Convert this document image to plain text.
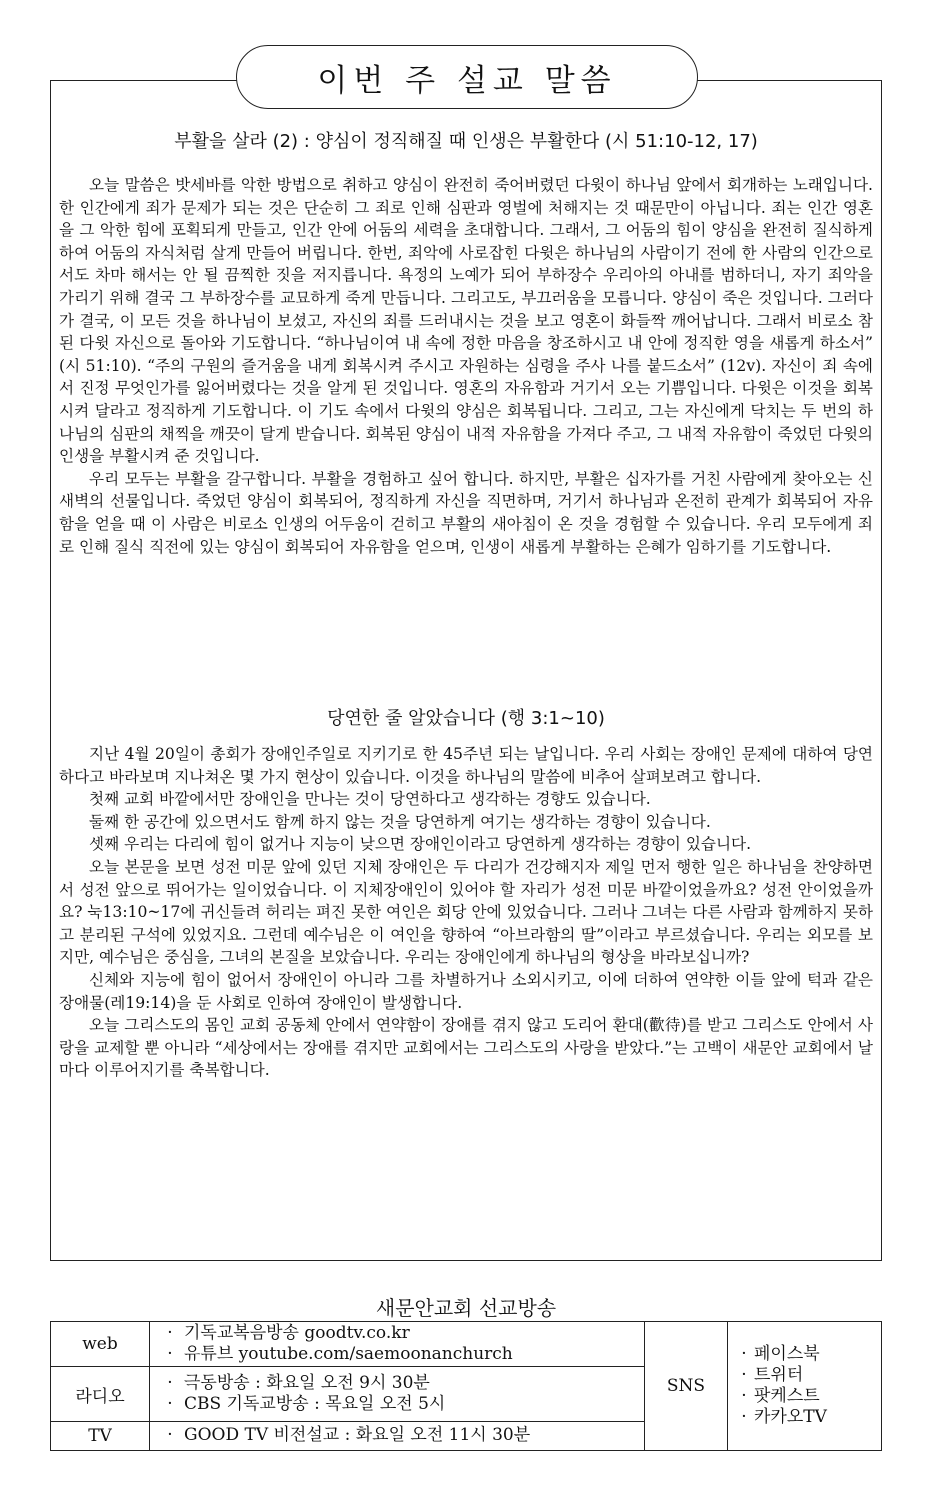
이번 주 설교 말씀
부활을 살라 (2) : 양심이 정직해질 때 인생은 부활한다 (시 51:10-12, 17)

오늘 말씀은 밧세바를 악한 방법으로 취하고 양심이 완전히 죽어버렸던 다윗이 하나님 앞에서 회개하는 노래입니다. 한 인간에게 죄가 문제가 되는 것은 단순히 그 죄로 인해 심판과 영벌에 처해지는 것 때문만이 아닙니다. 죄는 인간 영혼을 그 악한 힘에 포획되게 만들고, 인간 안에 어둠의 세력을 초대합니다. 그래서, 그 어둠의 힘이 양심을 완전히 질식하게 하여 어둠의 자식처럼 살게 만들어 버립니다. 한번, 죄악에 사로잡힌 다윗은 하나님의 사람이기 전에 한 사람의 인간으로서도 차마 해서는 안 될 끔찍한 짓을 저지릅니다. 욕정의 노예가 되어 부하장수 우리아의 아내를 범하더니, 자기 죄악을 가리기 위해 결국 그 부하장수를 교묘하게 죽게 만듭니다. 그리고도, 부끄러움을 모릅니다. 양심이 죽은 것입니다. 그러다가 결국, 이 모든 것을 하나님이 보셨고, 자신의 죄를 드러내시는 것을 보고 영혼이 화들짝 깨어납니다. 그래서 비로소 참된 다윗 자신으로 돌아와 기도합니다. “하나님이여 내 속에 정한 마음을 창조하시고 내 안에 정직한 영을 새롭게 하소서” (시 51:10). “주의 구원의 즐거움을 내게 회복시켜 주시고 자원하는 심령을 주사 나를 붙드소서” (12v). 자신이 죄 속에서 진정 무엇인가를 잃어버렸다는 것을 알게 된 것입니다. 영혼의 자유함과 거기서 오는 기쁨입니다. 다윗은 이것을 회복시켜 달라고 정직하게 기도합니다. 이 기도 속에서 다윗의 양심은 회복됩니다. 그리고, 그는 자신에게 닥치는 두 번의 하나님의 심판의 채찍을 깨끗이 달게 받습니다. 회복된 양심이 내적 자유함을 가져다 주고, 그 내적 자유함이 죽었던 다윗의 인생을 부활시켜 준 것입니다.

우리 모두는 부활을 갈구합니다. 부활을 경험하고 싶어 합니다. 하지만, 부활은 십자가를 거친 사람에게 찾아오는 신새벽의 선물입니다. 죽었던 양심이 회복되어, 정직하게 자신을 직면하며, 거기서 하나님과 온전히 관계가 회복되어 자유함을 얻을 때 이 사람은 비로소 인생의 어두움이 걷히고 부활의 새아침이 온 것을 경험할 수 있습니다. 우리 모두에게 죄로 인해 질식 직전에 있는 양심이 회복되어 자유함을 얻으며, 인생이 새롭게 부활하는 은혜가 임하기를 기도합니다.

당연한 줄 알았습니다 (행 3:1~10)

지난 4월 20일이 총회가 장애인주일로 지키기로 한 45주년 되는 날입니다. 우리 사회는 장애인 문제에 대하여 당연하다고 바라보며 지나쳐온 몇 가지 현상이 있습니다. 이것을 하나님의 말씀에 비추어 살펴보려고 합니다.

첫째 교회 바깥에서만 장애인을 만나는 것이 당연하다고 생각하는 경향도 있습니다.

둘째 한 공간에 있으면서도 함께 하지 않는 것을 당연하게 여기는 생각하는 경향이 있습니다.

셋째 우리는 다리에 힘이 없거나 지능이 낮으면 장애인이라고 당연하게 생각하는 경향이 있습니다.

오늘 본문을 보면 성전 미문 앞에 있던 지체 장애인은 두 다리가 건강해지자 제일 먼저 행한 일은 하나님을 찬양하면서 성전 앞으로 뛰어가는 일이었습니다. 이 지체장애인이 있어야 할 자리가 성전 미문 바깥이었을까요? 성전 안이었을까요? 눅13:10~17에 귀신들려 허리는 펴진 못한 여인은 회당 안에 있었습니다. 그러나 그녀는 다른 사람과 함께하지 못하고 분리된 구석에 있었지요. 그런데 예수님은 이 여인을 향하여 “아브라함의 딸”이라고 부르셨습니다. 우리는 외모를 보지만, 예수님은 중심을, 그녀의 본질을 보았습니다. 우리는 장애인에게 하나님의 형상을 바라보십니까?

신체와 지능에 힘이 없어서 장애인이 아니라 그를 차별하거나 소외시키고, 이에 더하여 연약한 이들 앞에 턱과 같은 장애물(레19:14)을 둔 사회로 인하여 장애인이 발생합니다.

오늘 그리스도의 몸인 교회 공동체 안에서 연약함이 장애를 겪지 않고 도리어 환대(歡待)를 받고 그리스도 안에서 사랑을 교제할 뿐 아니라 “세상에서는 장애를 겪지만 교회에서는 그리스도의 사랑을 받았다.”는 고백이 새문안 교회에서 날마다 이루어지기를 축복합니다.

새문안교회 선교방송
web	· 기독교복음방송 goodtv.co.kr
· 유튜브 youtube.com/saemoonanchurch	SNS	· 페이스북
· 트위터
· 팟케스트
· 카카오TV

라디오	· 극동방송 : 화요일 오전 9시 30분
· CBS 기독교방송 : 목요일 오전 5시		

TV	· GOOD TV 비전설교 : 화요일 오전 11시 30분		
